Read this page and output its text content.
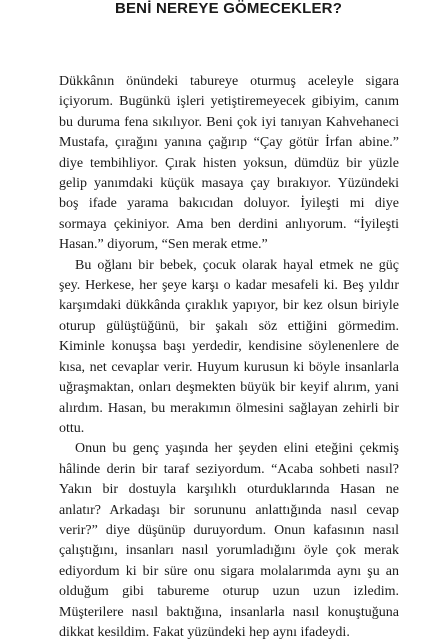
BENİ NEREYE GÖMECEKLER?

Dükkânın önündeki tabureye oturmuş aceleyle sigara içiyorum. Bugünkü işleri yetiştiremeyecek gibiyim, canım bu duruma fena sıkılıyor. Beni çok iyi tanıyan Kahvehaneci Mustafa, çırağını yanına çağırıp “Çay götür İrfan abine.” diye tembihliyor. Çırak histen yoksun, dümdüz bir yüzle gelip yanımdaki küçük masaya çay bırakıyor. Yüzündeki boş ifade yarama bakıcıdan doluyor. İyileşti mi diye sormaya çekiniyor. Ama ben derdini anlıyorum. “İyileşti Hasan.” diyorum, “Sen merak etme.”

Bu oğlanı bir bebek, çocuk olarak hayal etmek ne güç şey. Herkese, her şeye karşı o kadar mesafeli ki. Beş yıldır karşımdaki dükkânda çıraklık yapıyor, bir kez olsun biriyle oturup gülüştüğünü, bir şakalı söz ettiğini görmedim. Kiminle konuşsa başı yerdedir, kendisine söylenenlere de kısa, net cevaplar verir. Huyum kurusun ki böyle insanlarla uğraşmaktan, onları deşmekten büyük bir keyif alırım, yani alırdım. Hasan, bu merakımın ölmesini sağlayan zehirli bir ottu.

Onun bu genç yaşında her şeyden elini eteğini çekmiş hâlinde derin bir taraf seziyordum. “Acaba sohbeti nasıl? Yakın bir dostuyla karşılıklı oturduklarında Hasan ne anlatır? Arkadaşı bir sorununu anlattığında nasıl cevap verir?” diye düşünüp duruyordum. Onun kafasının nasıl çalıştığını, insanları nasıl yorumladığını öyle çok merak ediyordum ki bir süre onu sigara molalarımda aynı şu an olduğum gibi tabureme oturup uzun uzun izledim. Müşterilere nasıl baktığına, insanlarla nasıl konuştuğuna dikkat kesildim. Fakat yüzündeki hep aynı ifadeydi.
